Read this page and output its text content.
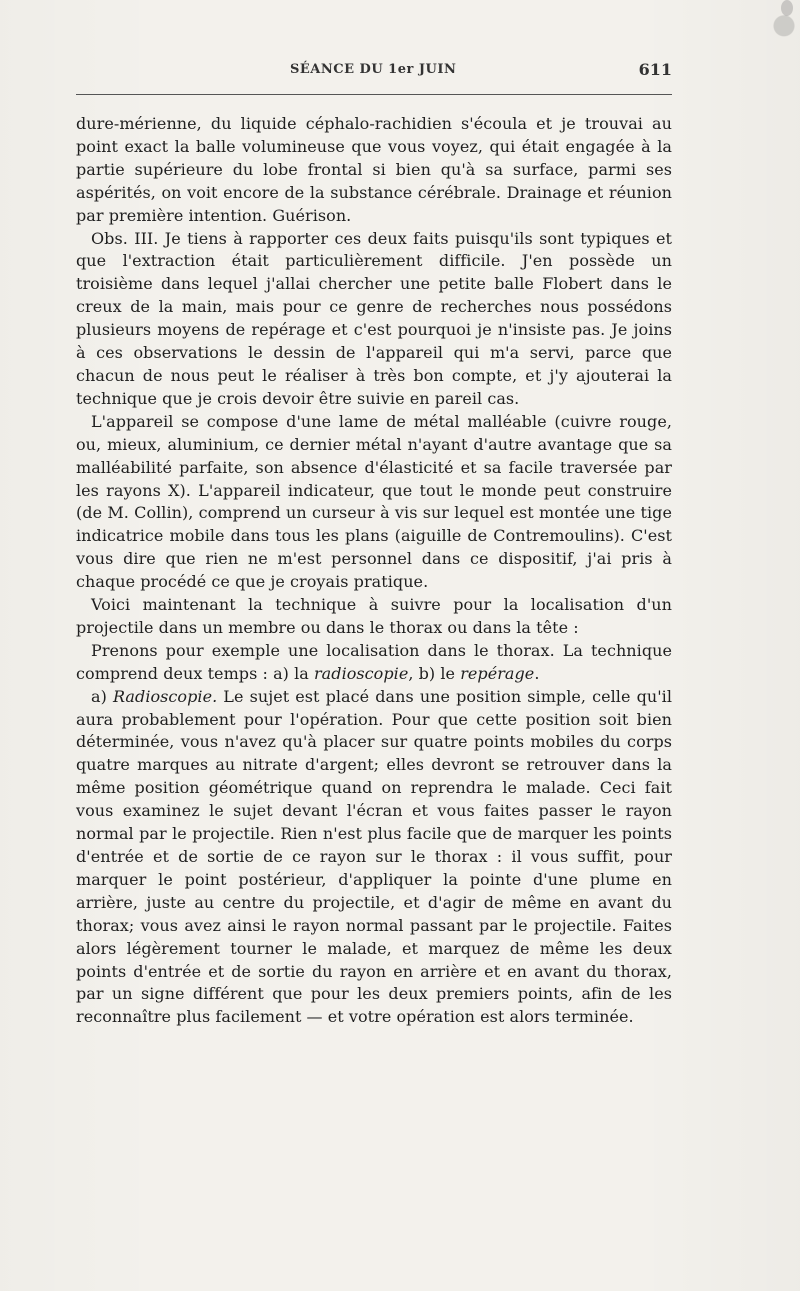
SÉANCE DU 1er JUIN	611

dure-mérienne, du liquide céphalo-rachidien s'écoula et je trouvai au point exact la balle volumineuse que vous voyez, qui était engagée à la partie supérieure du lobe frontal si bien qu'à sa surface, parmi ses aspérités, on voit encore de la substance cérébrale. Drainage et réunion par première intention. Guérison.

Obs. III. Je tiens à rapporter ces deux faits puisqu'ils sont typiques et que l'extraction était particulièrement difficile. J'en possède un troisième dans lequel j'allai chercher une petite balle Flobert dans le creux de la main, mais pour ce genre de recherches nous possédons plusieurs moyens de repérage et c'est pourquoi je n'insiste pas. Je joins à ces observations le dessin de l'appareil qui m'a servi, parce que chacun de nous peut le réaliser à très bon compte, et j'y ajouterai la technique que je crois devoir être suivie en pareil cas.

L'appareil se compose d'une lame de métal malléable (cuivre rouge, ou, mieux, aluminium, ce dernier métal n'ayant d'autre avantage que sa malléabilité parfaite, son absence d'élasticité et sa facile traversée par les rayons X). L'appareil indicateur, que tout le monde peut construire (de M. Collin), comprend un curseur à vis sur lequel est montée une tige indicatrice mobile dans tous les plans (aiguille de Contremoulins). C'est vous dire que rien ne m'est personnel dans ce dispositif, j'ai pris à chaque procédé ce que je croyais pratique.

Voici maintenant la technique à suivre pour la localisation d'un projectile dans un membre ou dans le thorax ou dans la tête :

Prenons pour exemple une localisation dans le thorax. La technique comprend deux temps : a) la radioscopie, b) le repérage.

a) Radioscopie. Le sujet est placé dans une position simple, celle qu'il aura probablement pour l'opération. Pour que cette position soit bien déterminée, vous n'avez qu'à placer sur quatre points mobiles du corps quatre marques au nitrate d'argent; elles devront se retrouver dans la même position géométrique quand on reprendra le malade. Ceci fait vous examinez le sujet devant l'écran et vous faites passer le rayon normal par le projectile. Rien n'est plus facile que de marquer les points d'entrée et de sortie de ce rayon sur le thorax : il vous suffit, pour marquer le point postérieur, d'appliquer la pointe d'une plume en arrière, juste au centre du projectile, et d'agir de même en avant du thorax; vous avez ainsi le rayon normal passant par le projectile. Faites alors légèrement tourner le malade, et marquez de même les deux points d'entrée et de sortie du rayon en arrière et en avant du thorax, par un signe différent que pour les deux premiers points, afin de les reconnaître plus facilement — et votre opération est alors terminée.
